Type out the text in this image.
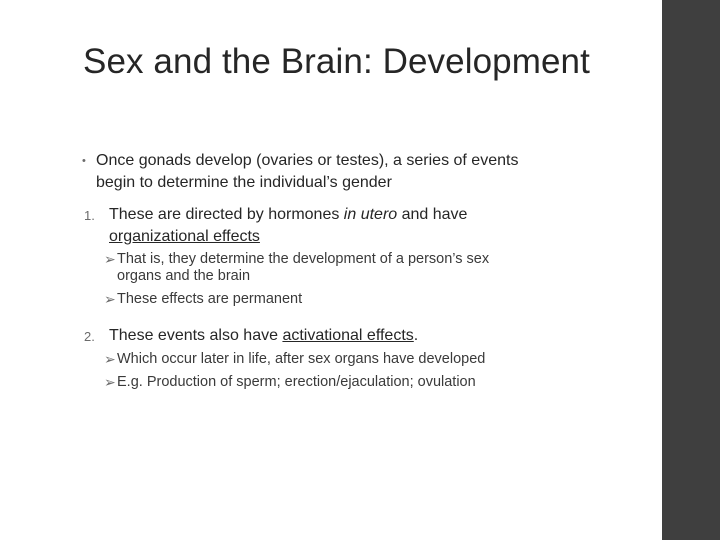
Sex and the Brain: Development
• Once gonads develop (ovaries or testes), a series of events begin to determine the individual’s gender
1. These are directed by hormones in utero and have
organizational effects
➢ That is, they determine the development of a person’s sex
organs and the brain
➢ These effects are permanent
2. These events also have activational effects.
➢ Which occur later in life, after sex organs have developed
➢ E.g. Production of sperm; erection/ejaculation; ovulation
